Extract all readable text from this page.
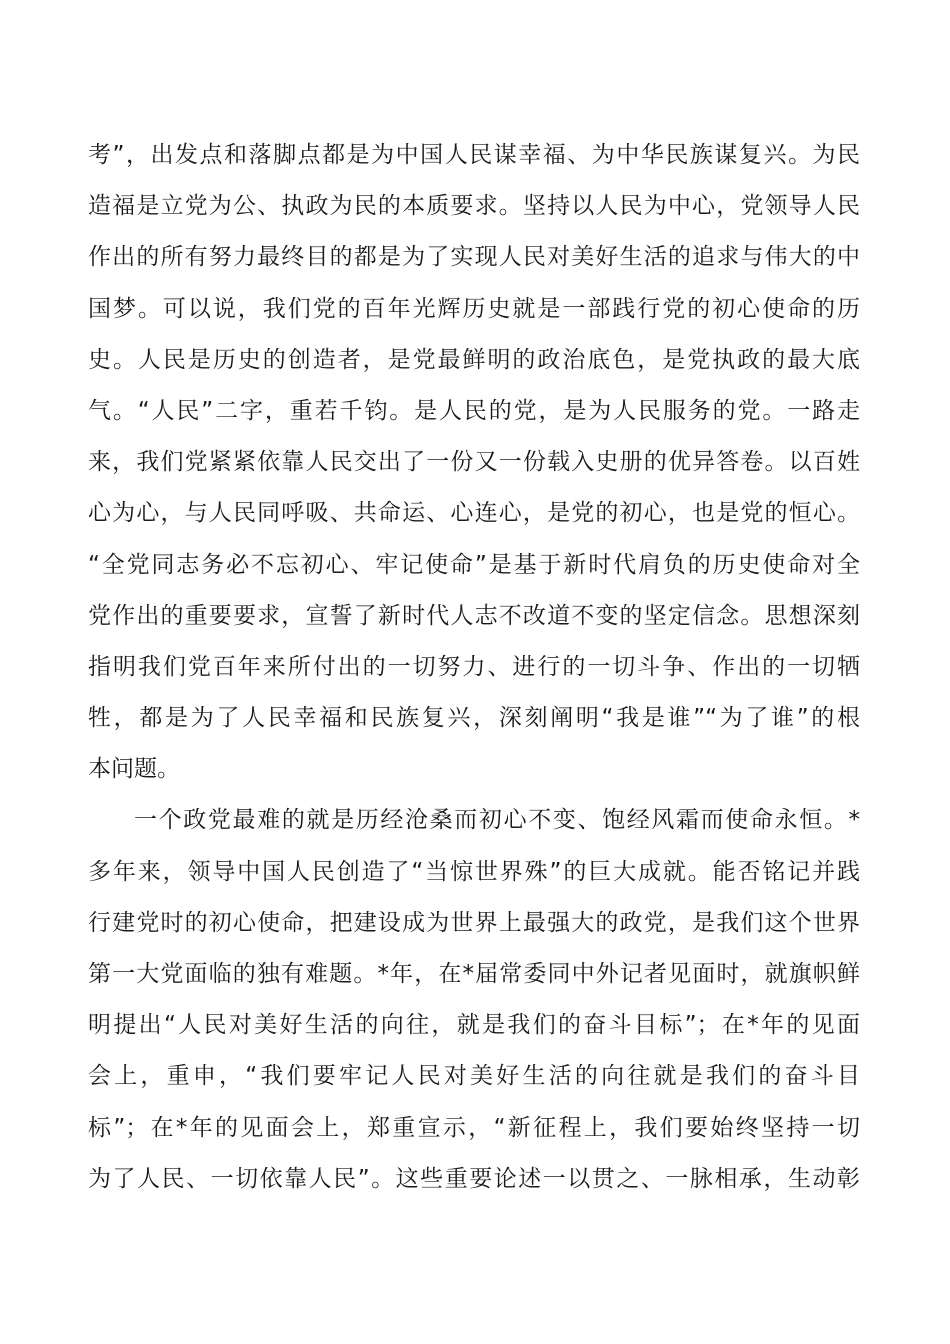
考”，出发点和落脚点都是为中国人民谋幸福、为中华民族谋复兴。为民
造福是立党为公、执政为民的本质要求。坚持以人民为中心，党领导人民
作出的所有努力最终目的都是为了实现人民对美好生活的追求与伟大的中
国梦。可以说，我们党的百年光辉历史就是一部践行党的初心使命的历
史。人民是历史的创造者，是党最鲜明的政治底色，是党执政的最大底
气。“人民”二字，重若千钧。是人民的党，是为人民服务的党。一路走
来，我们党紧紧依靠人民交出了一份又一份载入史册的优异答卷。以百姓
心为心，与人民同呼吸、共命运、心连心，是党的初心，也是党的恒心。
“全党同志务必不忘初心、牢记使命”是基于新时代肩负的历史使命对全
党作出的重要要求，宣誓了新时代人志不改道不变的坚定信念。思想深刻
指明我们党百年来所付出的一切努力、进行的一切斗争、作出的一切牺
牲，都是为了人民幸福和民族复兴，深刻阐明“我是谁”“为了谁”的根
本问题。
一个政党最难的就是历经沧桑而初心不变、饱经风霜而使命永恒。*
多年来，领导中国人民创造了“当惊世界殊”的巨大成就。能否铭记并践
行建党时的初心使命，把建设成为世界上最强大的政党，是我们这个世界
第一大党面临的独有难题。*年，在*届常委同中外记者见面时，就旗帜鲜
明提出“人民对美好生活的向往，就是我们的奋斗目标”；在*年的见面
会上，重申，“我们要牢记人民对美好生活的向往就是我们的奋斗目
标”；在*年的见面会上，郑重宣示，“新征程上，我们要始终坚持一切
为了人民、一切依靠人民”。这些重要论述一以贯之、一脉相承，生动彰
